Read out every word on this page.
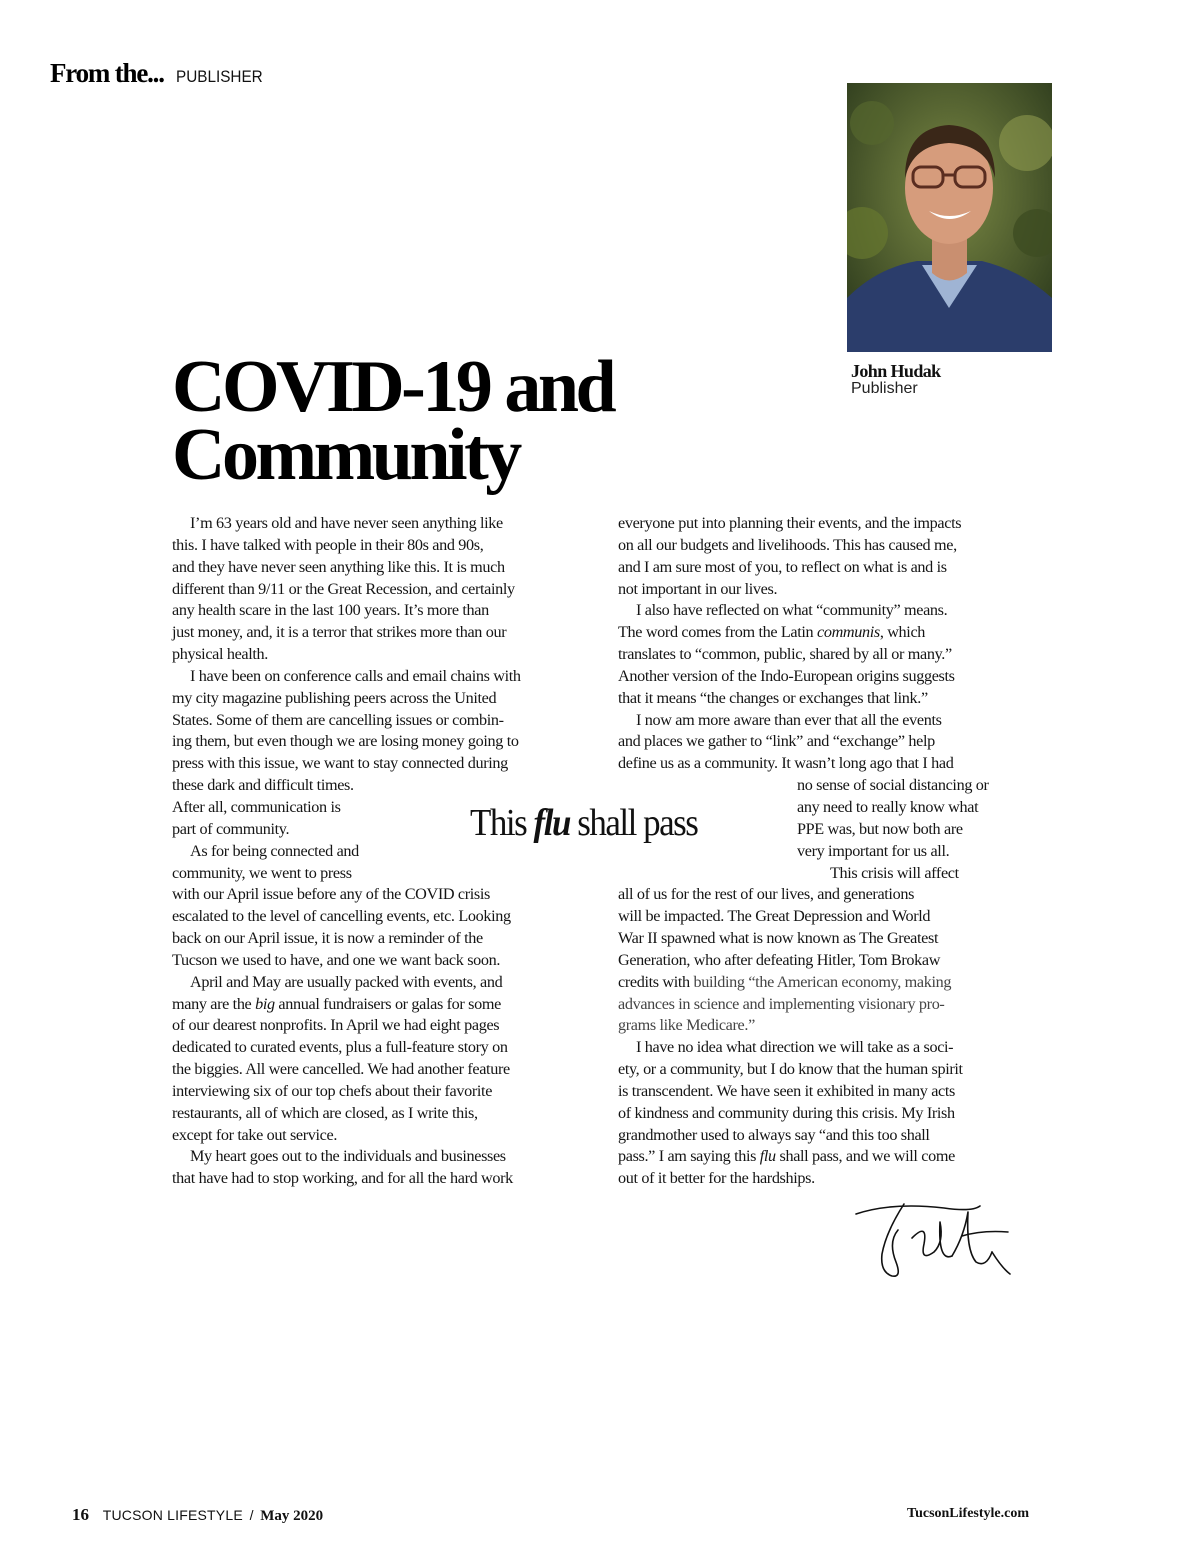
From the... PUBLISHER
John Hudak
Publisher
COVID-19 and
Community
I’m 63 years old and have never seen anything like
this. I have talked with people in their 80s and 90s,
and they have never seen anything like this. It is much
different than 9/11 or the Great Recession, and certainly
any health scare in the last 100 years. It’s more than
just money, and, it is a terror that strikes more than our
physical health.
I have been on conference calls and email chains with
my city magazine publishing peers across the United
States. Some of them are cancelling issues or combin-
ing them, but even though we are losing money going to
press with this issue, we want to stay connected during
these dark and difficult times.
After all, communication is
part of community.
As for being connected and
community, we went to press
with our April issue before any of the COVID crisis
escalated to the level of cancelling events, etc. Looking
back on our April issue, it is now a reminder of the
Tucson we used to have, and one we want back soon.
April and May are usually packed with events, and
many are the big annual fundraisers or galas for some
of our dearest nonprofits. In April we had eight pages
dedicated to curated events, plus a full-feature story on
the biggies. All were cancelled. We had another feature
interviewing six of our top chefs about their favorite
restaurants, all of which are closed, as I write this,
except for take out service.
My heart goes out to the individuals and businesses
that have had to stop working, and for all the hard work
everyone put into planning their events, and the impacts
on all our budgets and livelihoods. This has caused me,
and I am sure most of you, to reflect on what is and is
not important in our lives.
I also have reflected on what “community” means.
The word comes from the Latin communis, which
translates to “common, public, shared by all or many.”
Another version of the Indo-European origins suggests
that it means “the changes or exchanges that link.”
I now am more aware than ever that all the events
and places we gather to “link” and “exchange” help
define us as a community. It wasn’t long ago that I had
no sense of social distancing or
any need to really know what
PPE was, but now both are
very important for us all.
This crisis will affect
all of us for the rest of our lives, and generations
will be impacted. The Great Depression and World
War II spawned what is now known as The Greatest
Generation, who after defeating Hitler, Tom Brokaw
credits with building “the American economy, making
advances in science and implementing visionary pro-
grams like Medicare.”
I have no idea what direction we will take as a soci-
ety, or a community, but I do know that the human spirit
is transcendent. We have seen it exhibited in many acts
of kindness and community during this crisis. My Irish
grandmother used to always say “and this too shall
pass.” I am saying this flu shall pass, and we will come
out of it better for the hardships.
This flu shall pass
16 TUCSON LIFESTYLE / May 2020	TucsonLifestyle.com
